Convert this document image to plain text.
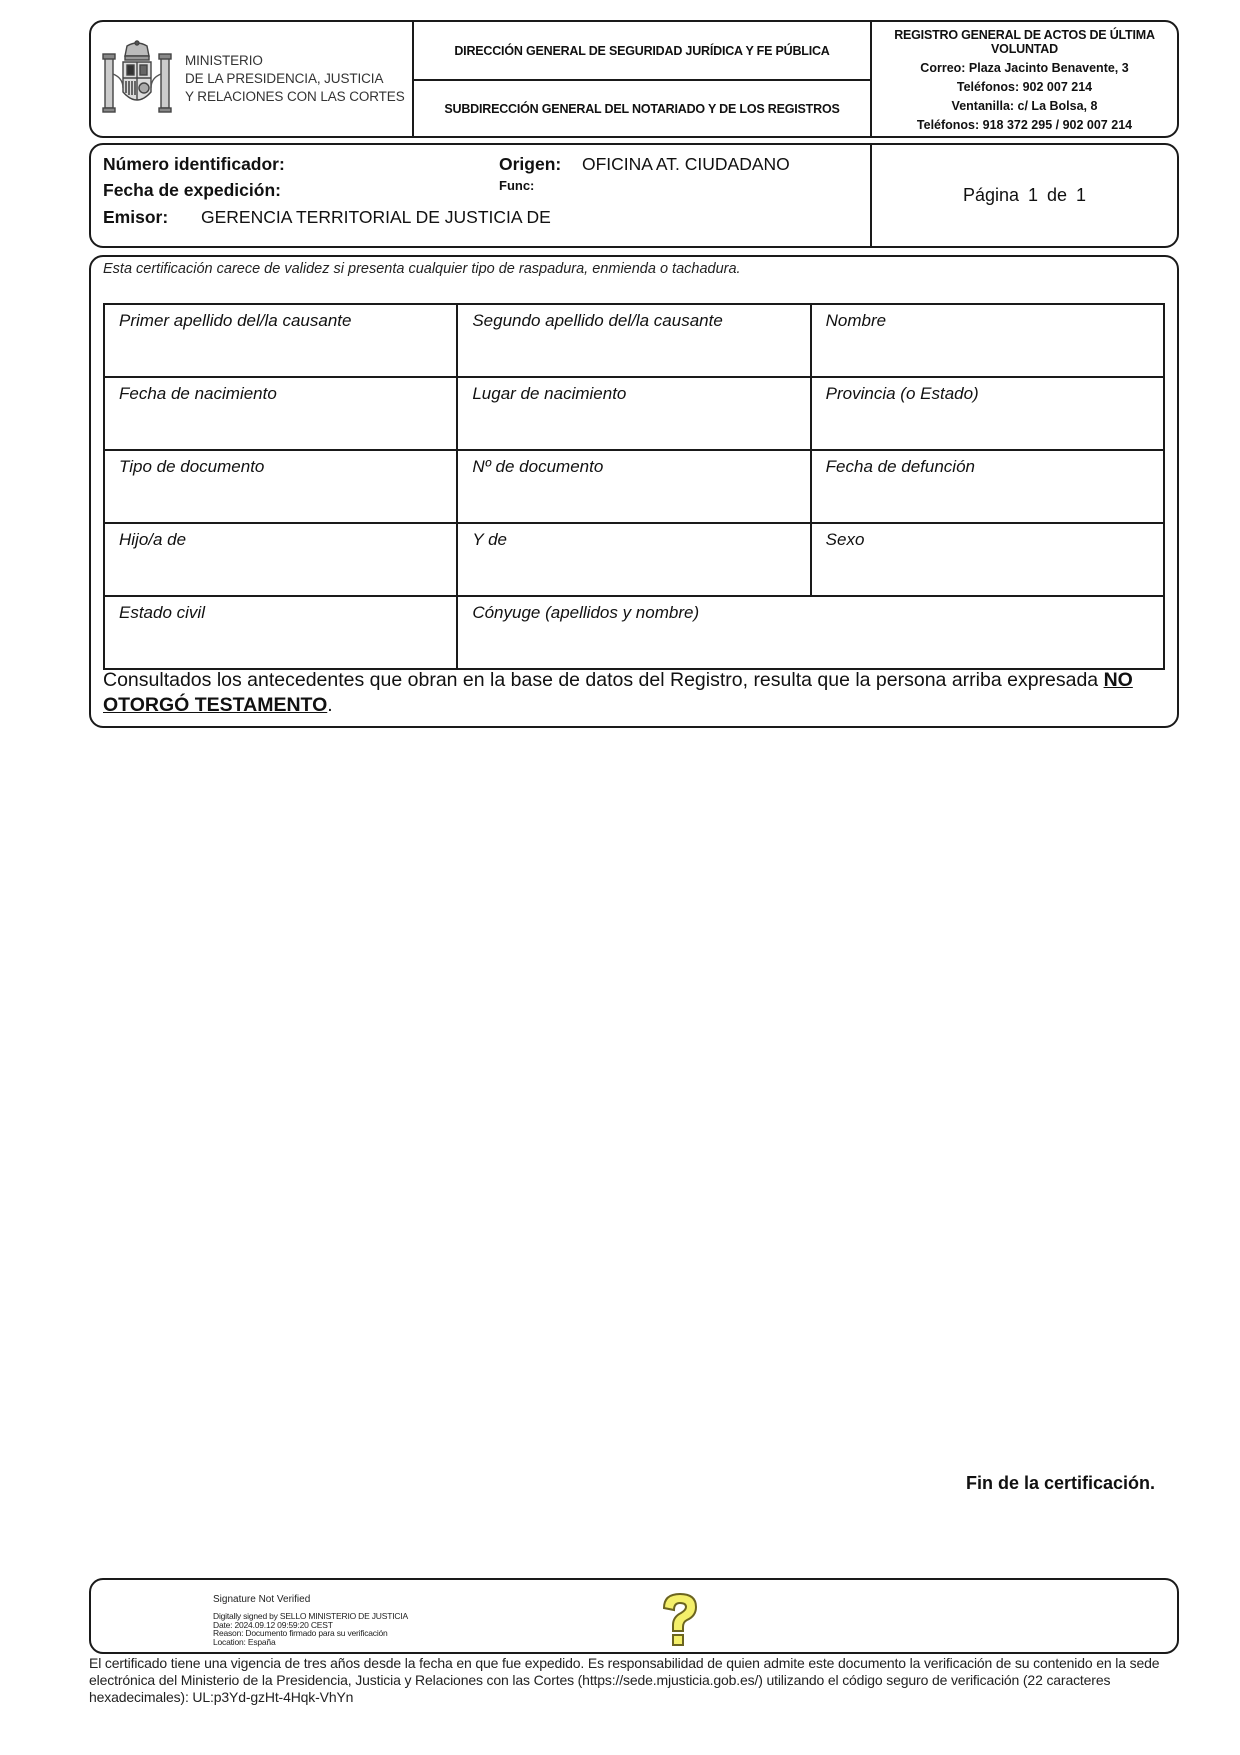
MINISTERIO
DE LA PRESIDENCIA, JUSTICIA
Y RELACIONES CON LAS CORTES
DIRECCIÓN GENERAL DE SEGURIDAD JURÍDICA Y FE PÚBLICA
SUBDIRECCIÓN GENERAL DEL NOTARIADO Y DE LOS REGISTROS
REGISTRO GENERAL DE ACTOS DE ÚLTIMA VOLUNTAD
Correo: Plaza Jacinto Benavente, 3
Teléfonos: 902 007 214
Ventanilla: c/ La Bolsa, 8
Teléfonos: 918 372 295 / 902 007 214
Número identificador:
Fecha de expedición:
Emisor: GERENCIA TERRITORIAL DE JUSTICIA DE
Origen: OFICINA AT. CIUDADANO
Func:	Página 1 de 1
Esta certificación carece de validez si presenta cualquier tipo de raspadura, enmienda o tachadura.
Primer apellido del/la causante	Segundo apellido del/la causante	Nombre
Fecha de nacimiento	Lugar de nacimiento	Provincia (o Estado)
Tipo de documento	Nº de documento	Fecha de defunción
Hijo/a de	Y de	Sexo
Estado civil	Cónyuge (apellidos y nombre)	
Consultados los antecedentes que obran en la base de datos del Registro, resulta que la persona arriba expresada NO OTORGÓ TESTAMENTO.
Fin de la certificación.
Signature Not Verified
Digitally signed by SELLO MINISTERIO DE JUSTICIA
Date: 2024.09.12 09:59:20 CEST
Reason: Documento firmado para su verificación
Location: España
El certificado tiene una vigencia de tres años desde la fecha en que fue expedido. Es responsabilidad de quien admite este documento la verificación de su contenido en la sede electrónica del Ministerio de la Presidencia, Justicia y Relaciones con las Cortes (https://sede.mjusticia.gob.es/) utilizando el código seguro de verificación (22 caracteres hexadecimales): UL:p3Yd-gzHt-4Hqk-VhYn
